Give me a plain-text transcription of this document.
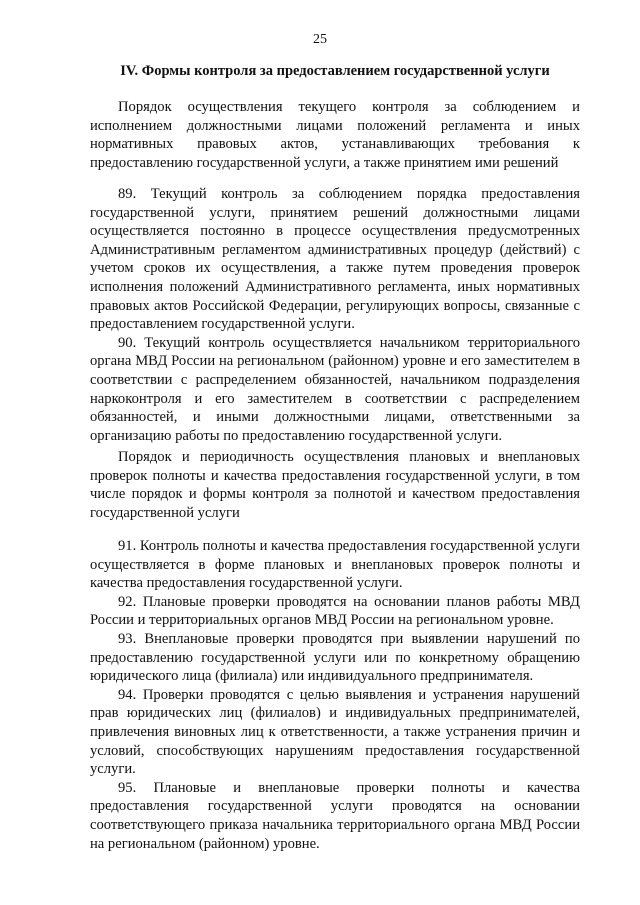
25
IV. Формы контроля за предоставлением государственной услуги

Порядок осуществления текущего контроля за соблюдением и исполнением должностными лицами положений регламента и иных нормативных правовых актов, устанавливающих требования к предоставлению государственной услуги, а также принятием ими решений

89. Текущий контроль за соблюдением порядка предоставления государственной услуги, принятием решений должностными лицами осуществляется постоянно в процессе осуществления предусмотренных Административным регламентом административных процедур (действий) с учетом сроков их осуществления, а также путем проведения проверок исполнения положений Административного регламента, иных нормативных правовых актов Российской Федерации, регулирующих вопросы, связанные с предоставлением государственной услуги.

90. Текущий контроль осуществляется начальником территориального органа МВД России на региональном (районном) уровне и его заместителем в соответствии с распределением обязанностей, начальником подразделения наркоконтроля и его заместителем в соответствии с распределением обязанностей, и иными должностными лицами, ответственными за организацию работы по предоставлению государственной услуги.

Порядок и периодичность осуществления плановых и внеплановых проверок полноты и качества предоставления государственной услуги, в том числе порядок и формы контроля за полнотой и качеством предоставления государственной услуги

91. Контроль полноты и качества предоставления государственной услуги осуществляется в форме плановых и внеплановых проверок полноты и качества предоставления государственной услуги.

92. Плановые проверки проводятся на основании планов работы МВД России и территориальных органов МВД России на региональном уровне.

93. Внеплановые проверки проводятся при выявлении нарушений по предоставлению государственной услуги или по конкретному обращению юридического лица (филиала) или индивидуального предпринимателя.

94. Проверки проводятся с целью выявления и устранения нарушений прав юридических лиц (филиалов) и индивидуальных предпринимателей, привлечения виновных лиц к ответственности, а также устранения причин и условий, способствующих нарушениям предоставления государственной услуги.

95. Плановые и внеплановые проверки полноты и качества предоставления государственной услуги проводятся на основании соответствующего приказа начальника территориального органа МВД России на региональном (районном) уровне.
